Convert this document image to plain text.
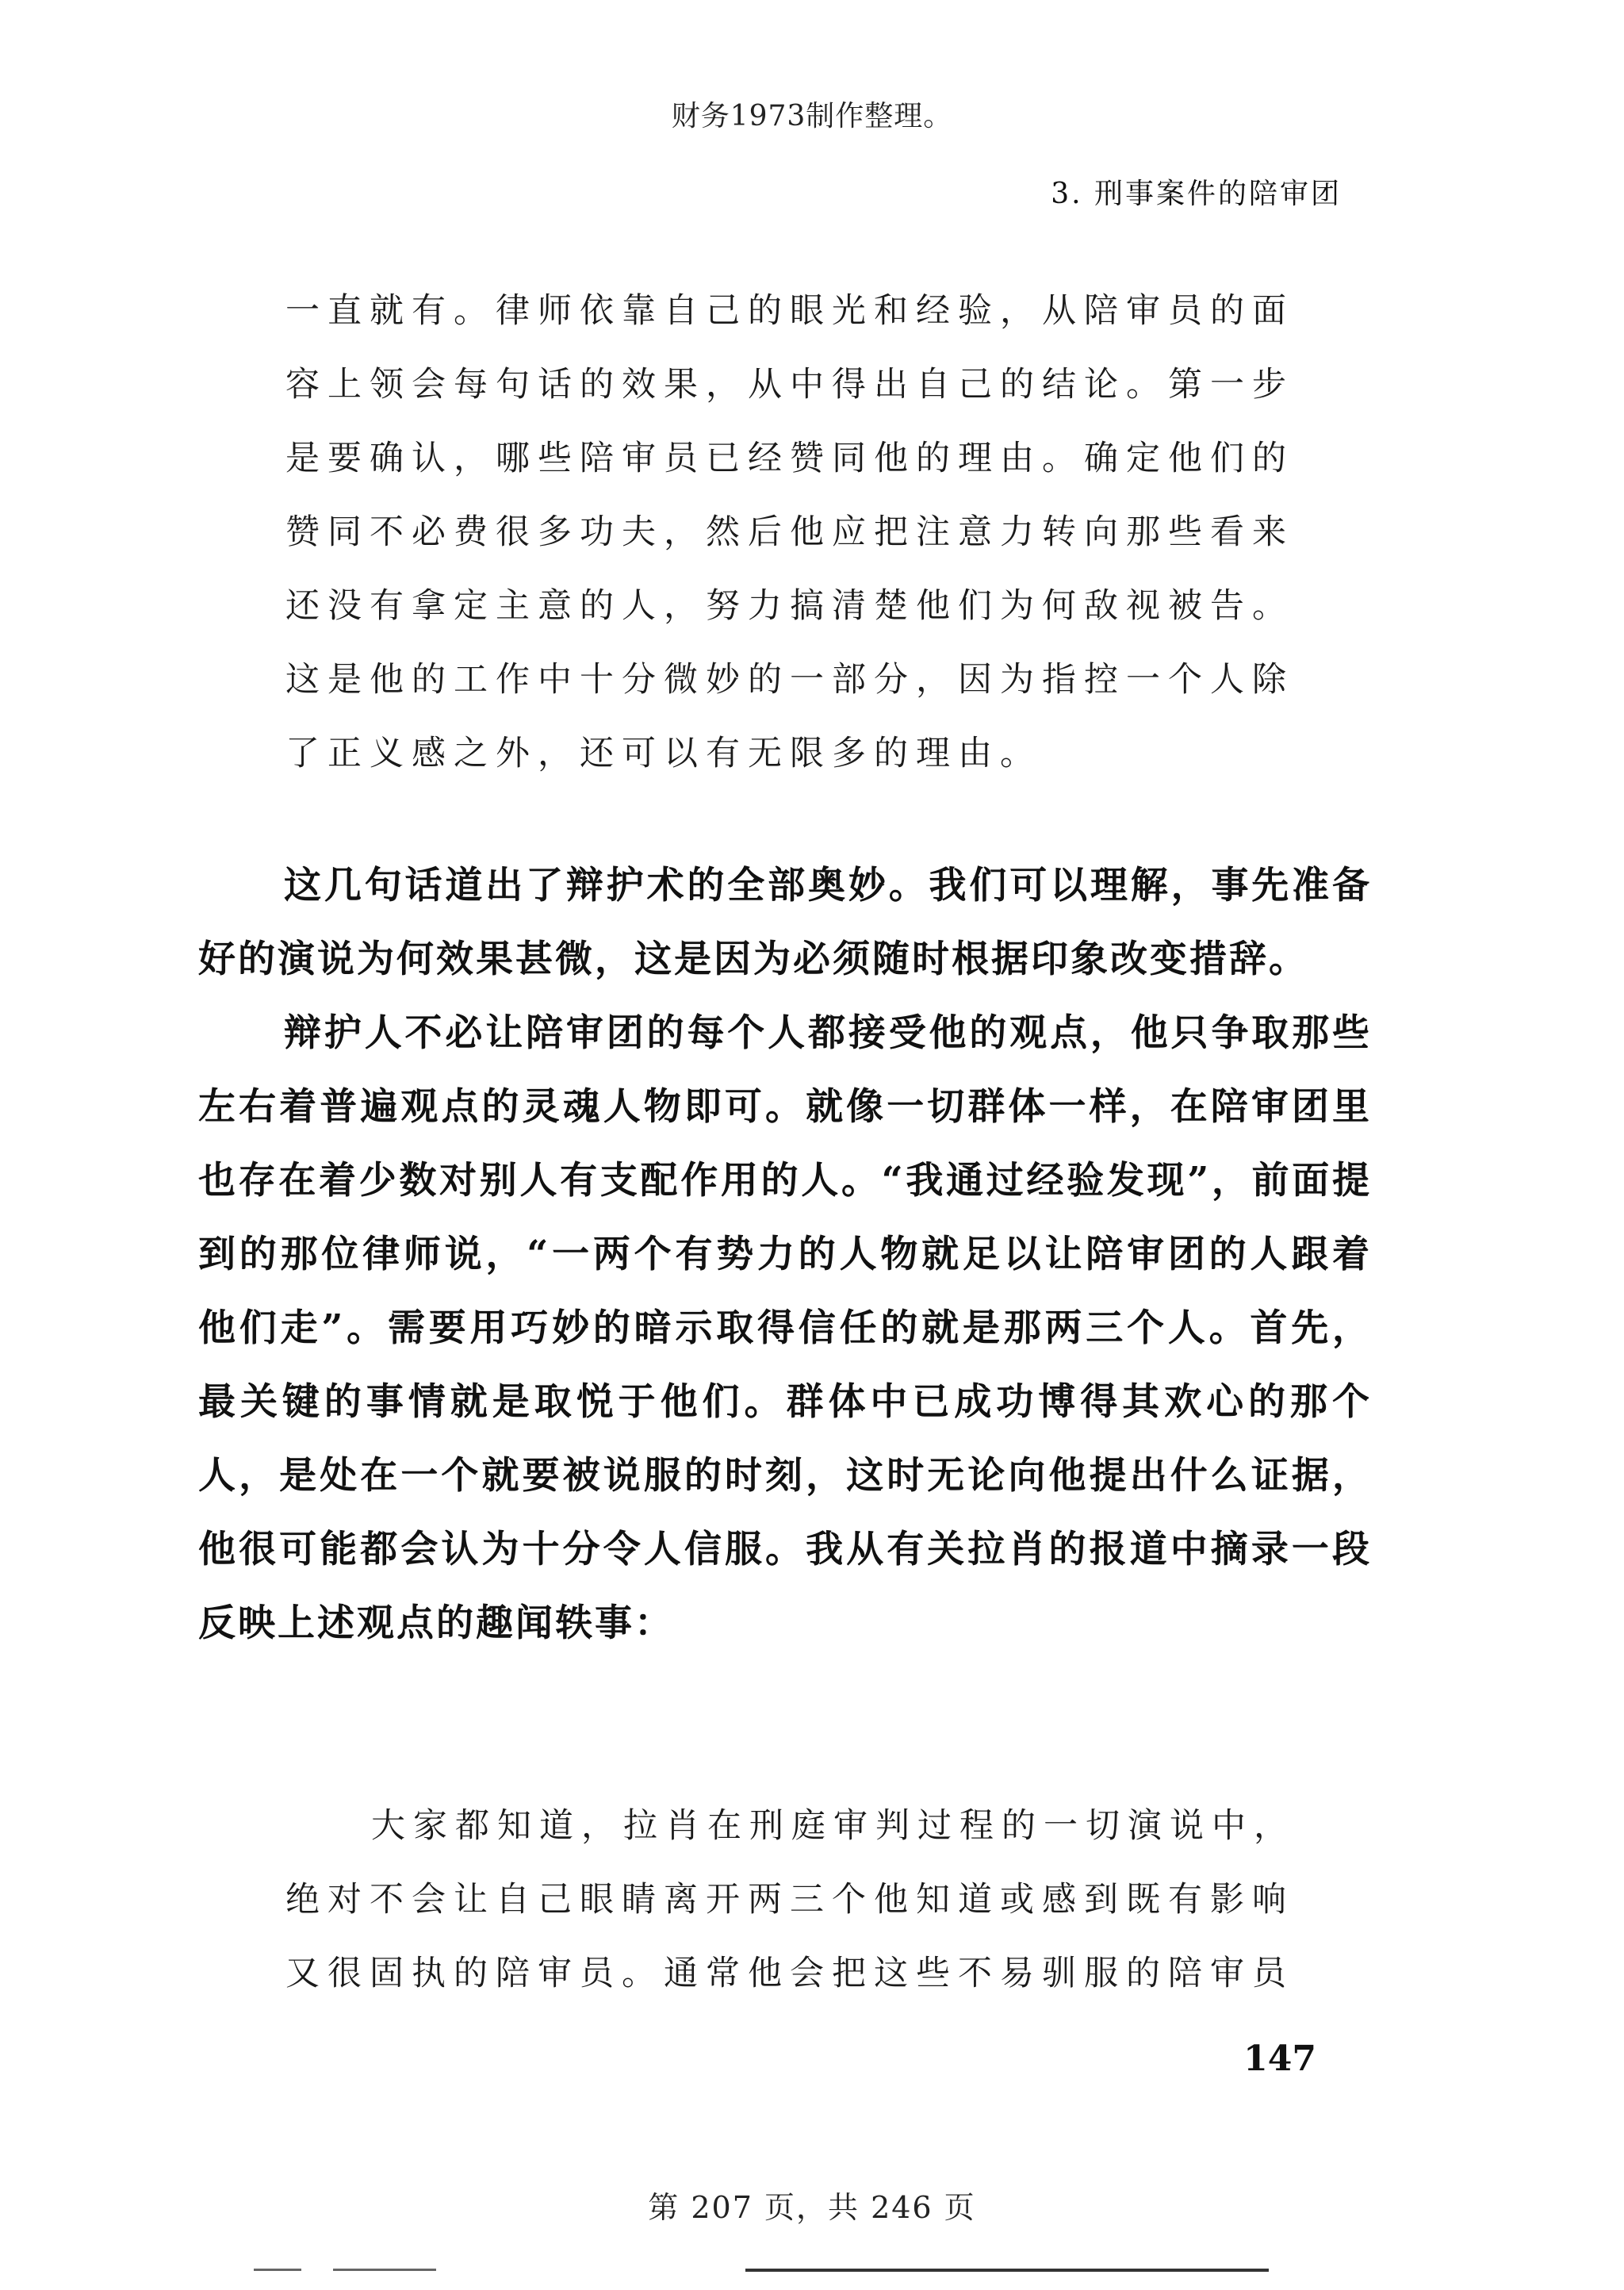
财务1973制作整理。
3. 刑事案件的陪审团

一直就有。律师依靠自己的眼光和经验，从陪审员的面容上领会每句话的效果，从中得出自己的结论。第一步是要确认，哪些陪审员已经赞同他的理由。确定他们的赞同不必费很多功夫，然后他应把注意力转向那些看来还没有拿定主意的人，努力搞清楚他们为何敌视被告。这是他的工作中十分微妙的一部分，因为指控一个人除了正义感之外，还可以有无限多的理由。

这几句话道出了辩护术的全部奥妙。我们可以理解，事先准备好的演说为何效果甚微，这是因为必须随时根据印象改变措辞。

辩护人不必让陪审团的每个人都接受他的观点，他只争取那些左右着普遍观点的灵魂人物即可。就像一切群体一样，在陪审团里也存在着少数对别人有支配作用的人。“我通过经验发现”，前面提到的那位律师说，“一两个有势力的人物就足以让陪审团的人跟着他们走”。需要用巧妙的暗示取得信任的就是那两三个人。首先，最关键的事情就是取悦于他们。群体中已成功博得其欢心的那个人，是处在一个就要被说服的时刻，这时无论向他提出什么证据，他很可能都会认为十分令人信服。我从有关拉肖的报道中摘录一段反映上述观点的趣闻轶事：

大家都知道，拉肖在刑庭审判过程的一切演说中，绝对不会让自己眼睛离开两三个他知道或感到既有影响又很固执的陪审员。通常他会把这些不易驯服的陪审员

147
第 207 页，共 246 页
